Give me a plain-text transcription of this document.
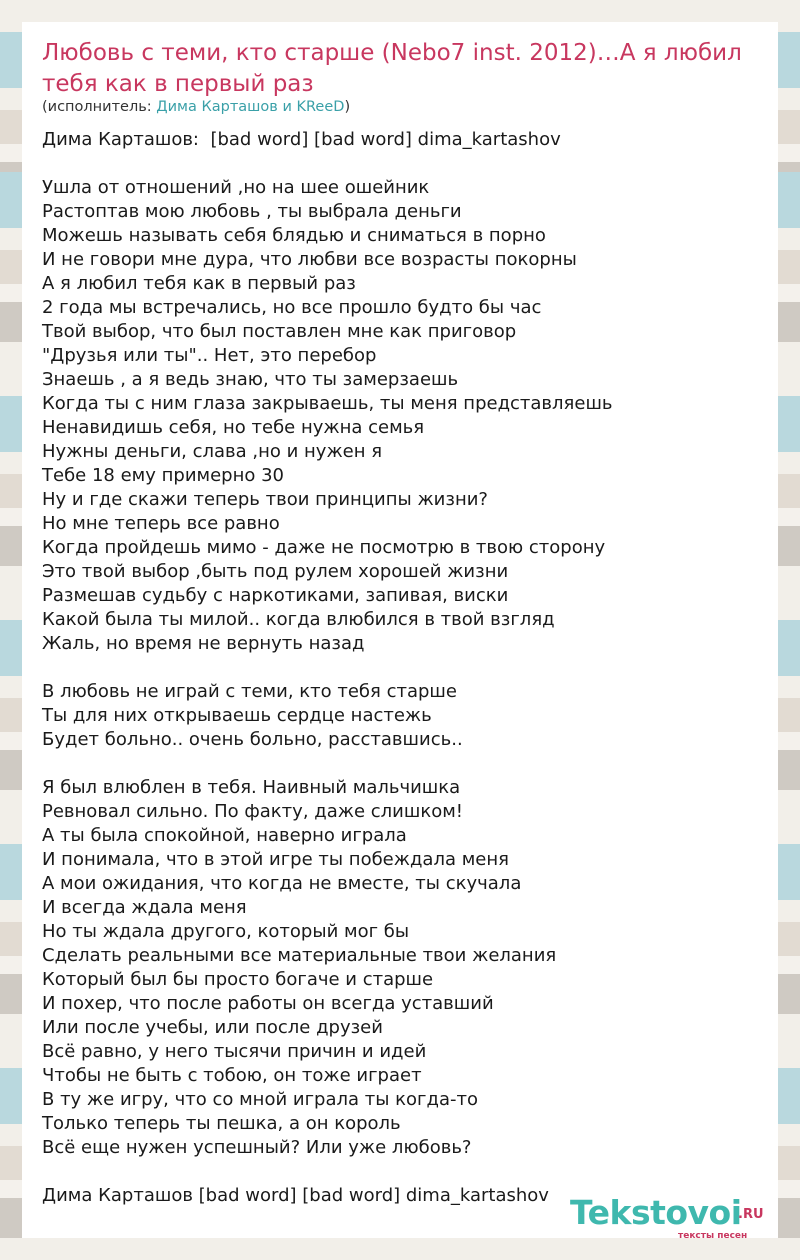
Любовь с теми, кто старше (Nebo7 inst. 2012)…А я любил тебя как в первый раз
(исполнитель: Дима Карташов и KReeD)
Дима Карташов:  [bad word] [bad word] dima_kartashov
Ушла от отношений ,но на шее ошейник
Растоптав мою любовь , ты выбрала деньги
Можешь называть себя блядью и сниматься в порно
И не говори мне дура, что любви все возрасты покорны
А я любил тебя как в первый раз
2 года мы встречались, но все прошло будто бы час
Твой выбор, что был поставлен мне как приговор
"Друзья или ты".. Нет, это перебор
Знаешь , а я ведь знаю, что ты замерзаешь
Когда ты с ним глаза закрываешь, ты меня представляешь
Ненавидишь себя, но тебе нужна семья
Нужны деньги, слава ,но и нужен я
Тебе 18 ему примерно 30
Ну и где скажи теперь твои принципы жизни?
Но мне теперь все равно
Когда пройдешь мимо - даже не посмотрю в твою сторону
Это твой выбор ,быть под рулем хорошей жизни
Размешав судьбу с наркотиками, запивая, виски
Какой была ты милой.. когда влюбился в твой взгляд
Жаль, но время не вернуть назад
В любовь не играй с теми, кто тебя старше
Ты для них открываешь сердце настежь
Будет больно.. очень больно, расставшись..
Я был влюблен в тебя. Наивный мальчишка
Ревновал сильно. По факту, даже слишком!
А ты была спокойной, наверно играла
И понимала, что в этой игре ты побеждала меня
А мои ожидания, что когда не вместе, ты скучала
И всегда ждала меня
Но ты ждала другого, который мог бы
Сделать реальными все материальные твои желания
Который был бы просто богаче и старше
И похер, что после работы он всегда уставший
Или после учебы, или после друзей
Всё равно, у него тысячи причин и идей
Чтобы не быть с тобою, он тоже играет
В ту же игру, что со мной играла ты когда-то
Только теперь ты пешка, а он король
Всё еще нужен успешный? Или уже любовь?
Дима Карташов [bad word] [bad word] dima_kartashov Tekstovoi
.RU
тексты песен
